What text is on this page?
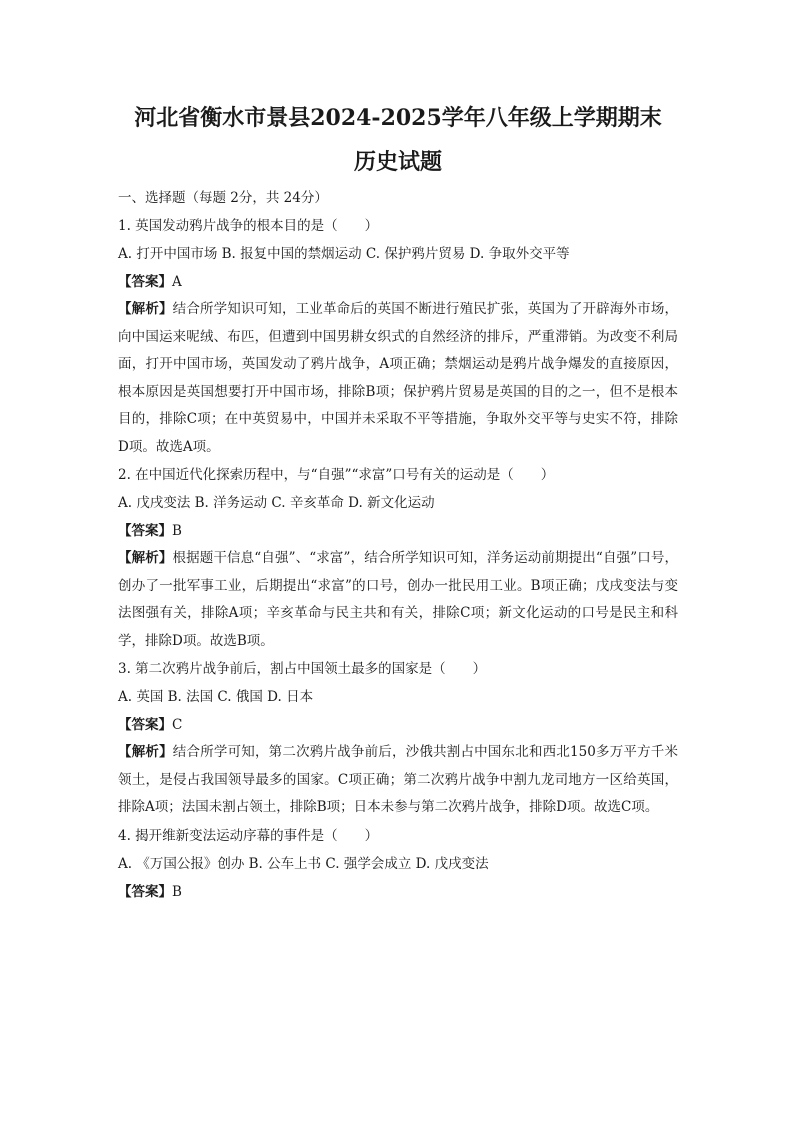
河北省衡水市景县2024-2025学年八年级上学期期末

历史试题

一、选择题（每题 2分，共 24分）

1. 英国发动鸦片战争的根本目的是（　　）

A. 打开中国市场 B. 报复中国的禁烟运动 C. 保护鸦片贸易 D. 争取外交平等

【答案】A

【解析】结合所学知识可知，工业革命后的英国不断进行殖民扩张，英国为了开辟海外市场，向中国运来呢绒、布匹，但遭到中国男耕女织式的自然经济的排斥，严重滞销。为改变不利局面，打开中国市场，英国发动了鸦片战争，A项正确；禁烟运动是鸦片战争爆发的直接原因，根本原因是英国想要打开中国市场，排除B项；保护鸦片贸易是英国的目的之一，但不是根本目的，排除C项；在中英贸易中，中国并未采取不平等措施，争取外交平等与史实不符，排除D项。故选A项。

2. 在中国近代化探索历程中，与“自强”“求富”口号有关的运动是（　　）

A. 戊戌变法 B. 洋务运动 C. 辛亥革命 D. 新文化运动

【答案】B

【解析】根据题干信息“自强”、“求富”，结合所学知识可知，洋务运动前期提出“自强”口号，创办了一批军事工业，后期提出“求富”的口号，创办一批民用工业。B项正确；戊戌变法与变法图强有关，排除A项；辛亥革命与民主共和有关，排除C项；新文化运动的口号是民主和科学，排除D项。故选B项。

3. 第二次鸦片战争前后，割占中国领土最多的国家是（　　）

A. 英国 B. 法国 C. 俄国 D. 日本

【答案】C

【解析】结合所学可知，第二次鸦片战争前后，沙俄共割占中国东北和西北150多万平方千米领土，是侵占我国领导最多的国家。C项正确；第二次鸦片战争中割九龙司地方一区给英国，排除A项；法国未割占领土，排除B项；日本未参与第二次鸦片战争，排除D项。故选C项。

4. 揭开维新变法运动序幕的事件是（　　）

A. 《万国公报》创办 B. 公车上书 C. 强学会成立 D. 戊戌变法

【答案】B
